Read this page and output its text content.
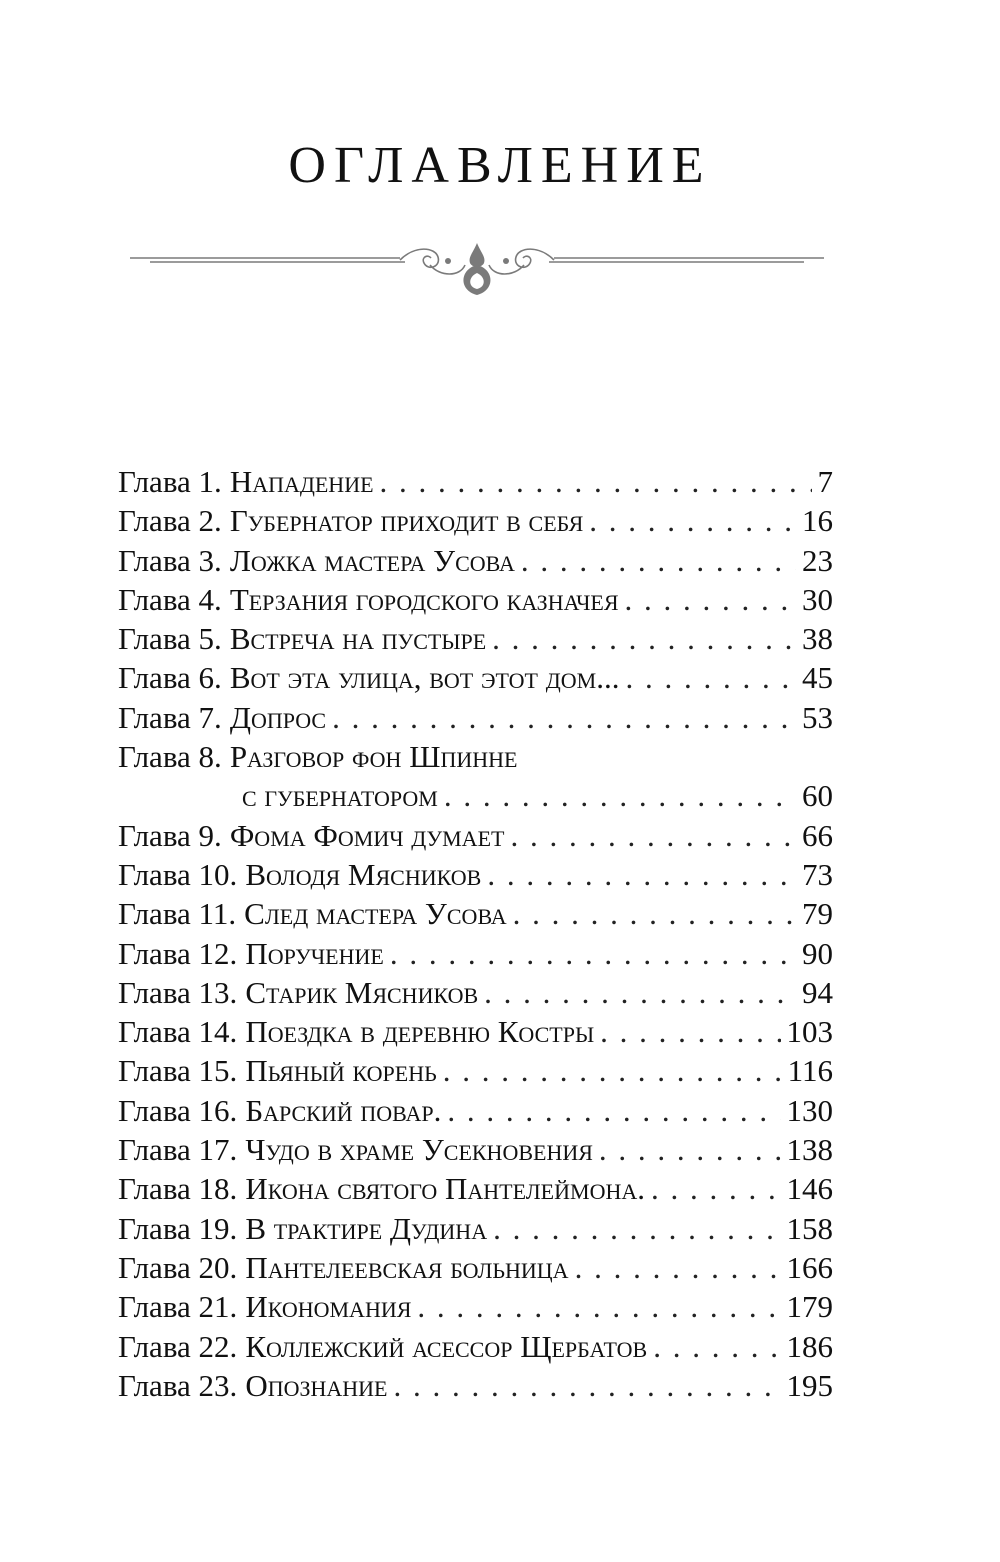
ОГЛАВЛЕНИЕ
Глава 1. Нападение . . .	7
Глава 2. Губернатор приходит в себя . . .	16
Глава 3. Ложка мастера Усова . . .	23
Глава 4. Терзания городского казначея . . .	30
Глава 5. Встреча на пустыре . . .	38
Глава 6. Вот эта улица, вот этот дом... . . .	45
Глава 7. Допрос . . .	53
Глава 8. Разговор фон Шпинне
с губернатором . . .	60
Глава 9. Фома Фомич думает . . .	66
Глава 10. Володя Мясников . . .	73
Глава 11. След мастера Усова . . .	79
Глава 12. Поручение . . .	90
Глава 13. Старик Мясников . . .	94
Глава 14. Поездка в деревню Костры . . .	103
Глава 15. Пьяный корень . . .	116
Глава 16. Барский повар. . . .	130
Глава 17. Чудо в храме Усекновения . . .	138
Глава 18. Икона святого Пантелеймона. . . .	146
Глава 19. В трактире Дудина . . .	158
Глава 20. Пантелеевская больница . . .	166
Глава 21. Икономания . . .	179
Глава 22. Коллежский асессор Щербатов . . .	186
Глава 23. Опознание . . .	195
